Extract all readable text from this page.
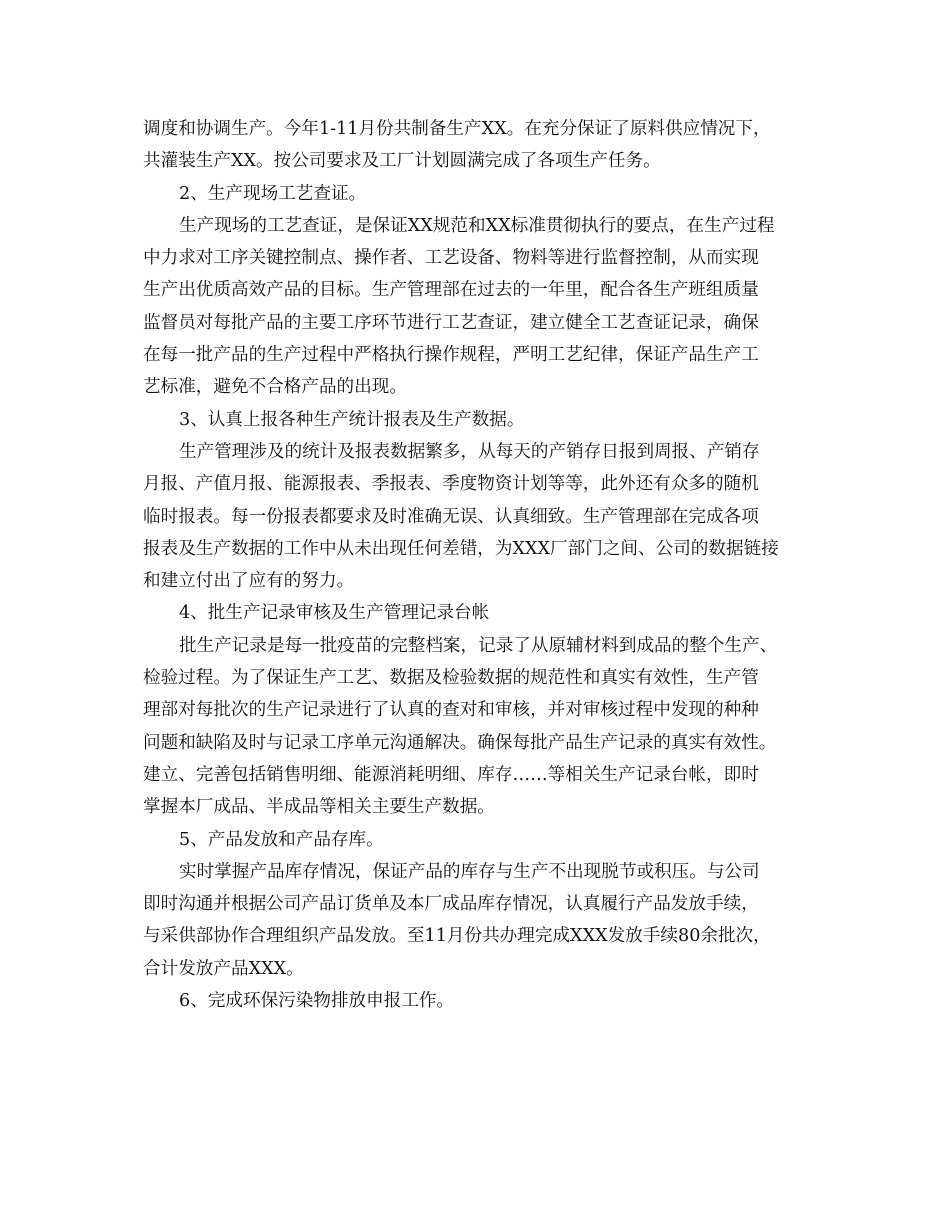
调度和协调生产。今年1-11月份共制备生产XX。在充分保证了原料供应情况下，
共灌装生产XX。按公司要求及工厂计划圆满完成了各项生产任务。
2、生产现场工艺查证。
生产现场的工艺查证，是保证XX规范和XX标准贯彻执行的要点，在生产过程
中力求对工序关键控制点、操作者、工艺设备、物料等进行监督控制，从而实现
生产出优质高效产品的目标。生产管理部在过去的一年里，配合各生产班组质量
监督员对每批产品的主要工序环节进行工艺查证，建立健全工艺查证记录，确保
在每一批产品的生产过程中严格执行操作规程，严明工艺纪律，保证产品生产工
艺标准，避免不合格产品的出现。
3、认真上报各种生产统计报表及生产数据。
生产管理涉及的统计及报表数据繁多，从每天的产销存日报到周报、产销存
月报、产值月报、能源报表、季报表、季度物资计划等等，此外还有众多的随机
临时报表。每一份报表都要求及时准确无误、认真细致。生产管理部在完成各项
报表及生产数据的工作中从未出现任何差错，为XXX厂部门之间、公司的数据链接
和建立付出了应有的努力。
4、批生产记录审核及生产管理记录台帐
批生产记录是每一批疫苗的完整档案，记录了从原辅材料到成品的整个生产、
检验过程。为了保证生产工艺、数据及检验数据的规范性和真实有效性，生产管
理部对每批次的生产记录进行了认真的查对和审核，并对审核过程中发现的种种
问题和缺陷及时与记录工序单元沟通解决。确保每批产品生产记录的真实有效性。
建立、完善包括销售明细、能源消耗明细、库存……等相关生产记录台帐，即时
掌握本厂成品、半成品等相关主要生产数据。
5、产品发放和产品存库。
实时掌握产品库存情况，保证产品的库存与生产不出现脱节或积压。与公司
即时沟通并根据公司产品订货单及本厂成品库存情况，认真履行产品发放手续，
与采供部协作合理组织产品发放。至11月份共办理完成XXX发放手续80余批次，
合计发放产品XXX。
6、完成环保污染物排放申报工作。
